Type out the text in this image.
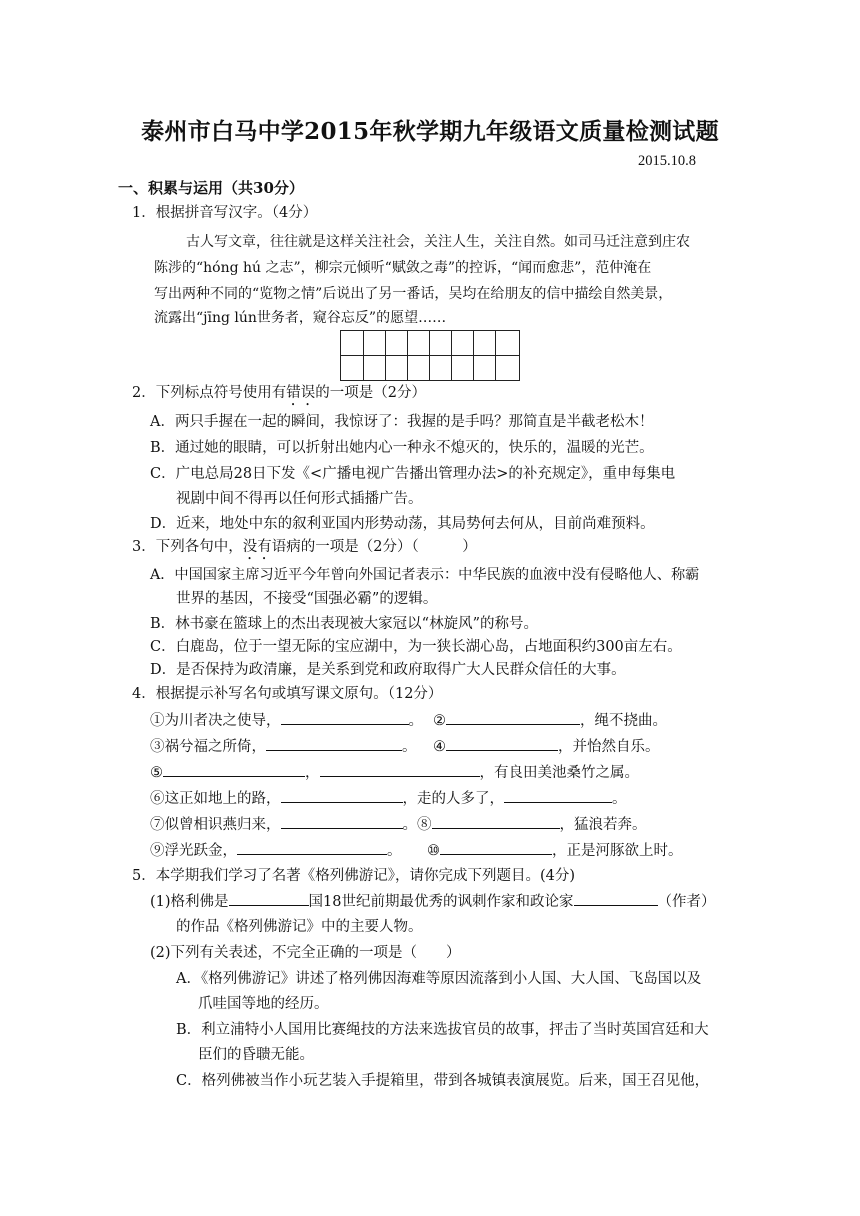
泰州市白马中学2015年秋学期九年级语文质量检测试题
2015.10.8
一、积累与运用（共30分）
1．根据拼音写汉字。（4分）
古人写文章，往往就是这样关注社会，关注人生，关注自然。如司马迁注意到庄农
陈涉的“hóng hú 之志”，柳宗元倾听“赋敛之毒”的控诉，“闻而愈悲”，范仲淹在
写出两种不同的“览物之情”后说出了另一番话，吴均在给朋友的信中描绘自然美景，
流露出“jīng lún世务者，窥谷忘反”的愿望……
2．下列标点符号使用有错误的一项是（2分）
A．两只手握在一起的瞬间，我惊讶了：我握的是手吗？那简直是半截老松木！
B．通过她的眼睛，可以折射出她内心一种永不熄灭的，快乐的，温暖的光芒。
C．广电总局28日下发《<广播电视广告播出管理办法>的补充规定》，重申每集电
视剧中间不得再以任何形式插播广告。
D．近来，地处中东的叙利亚国内形势动荡，其局势何去何从，目前尚难预料。
3．下列各句中，没有语病的一项是（2分）（　　　）
A．中国国家主席习近平今年曾向外国记者表示：中华民族的血液中没有侵略他人、称霸
世界的基因，不接受“国强必霸”的逻辑。
B．林书豪在篮球上的杰出表现被大家冠以“林旋风”的称号。
C．白鹿岛，位于一望无际的宝应湖中，为一狭长湖心岛，占地面积约300亩左右。
D．是否保持为政清廉，是关系到党和政府取得广大人民群众信任的大事。
4．根据提示补写名句或填写课文原句。（12分）
①为川者决之使导，	。 ②	，绳不挠曲。
③祸兮福之所倚，	。 ④	，并怡然自乐。
⑤	，	，有良田美池桑竹之属。
⑥这正如地上的路，	，走的人多了，	。
⑦似曾相识燕归来，	。⑧	，猛浪若奔。
⑨浮光跃金，	。 ⑩	，正是河豚欲上时。
5．本学期我们学习了名著《格列佛游记》，请你完成下列题目。(4分)
(1)格利佛是	国18世纪前期最优秀的讽刺作家和政论家	（作者）
的作品《格列佛游记》中的主要人物。
(2)下列有关表述，不完全正确的一项是（　　）
A．《格列佛游记》讲述了格列佛因海难等原因流落到小人国、大人国、飞岛国以及
爪哇国等地的经历。
B．利立浦特小人国用比赛绳技的方法来选拔官员的故事，抨击了当时英国宫廷和大
臣们的昏聩无能。
C．格列佛被当作小玩艺装入手提箱里，带到各城镇表演展览。后来，国王召见他，
